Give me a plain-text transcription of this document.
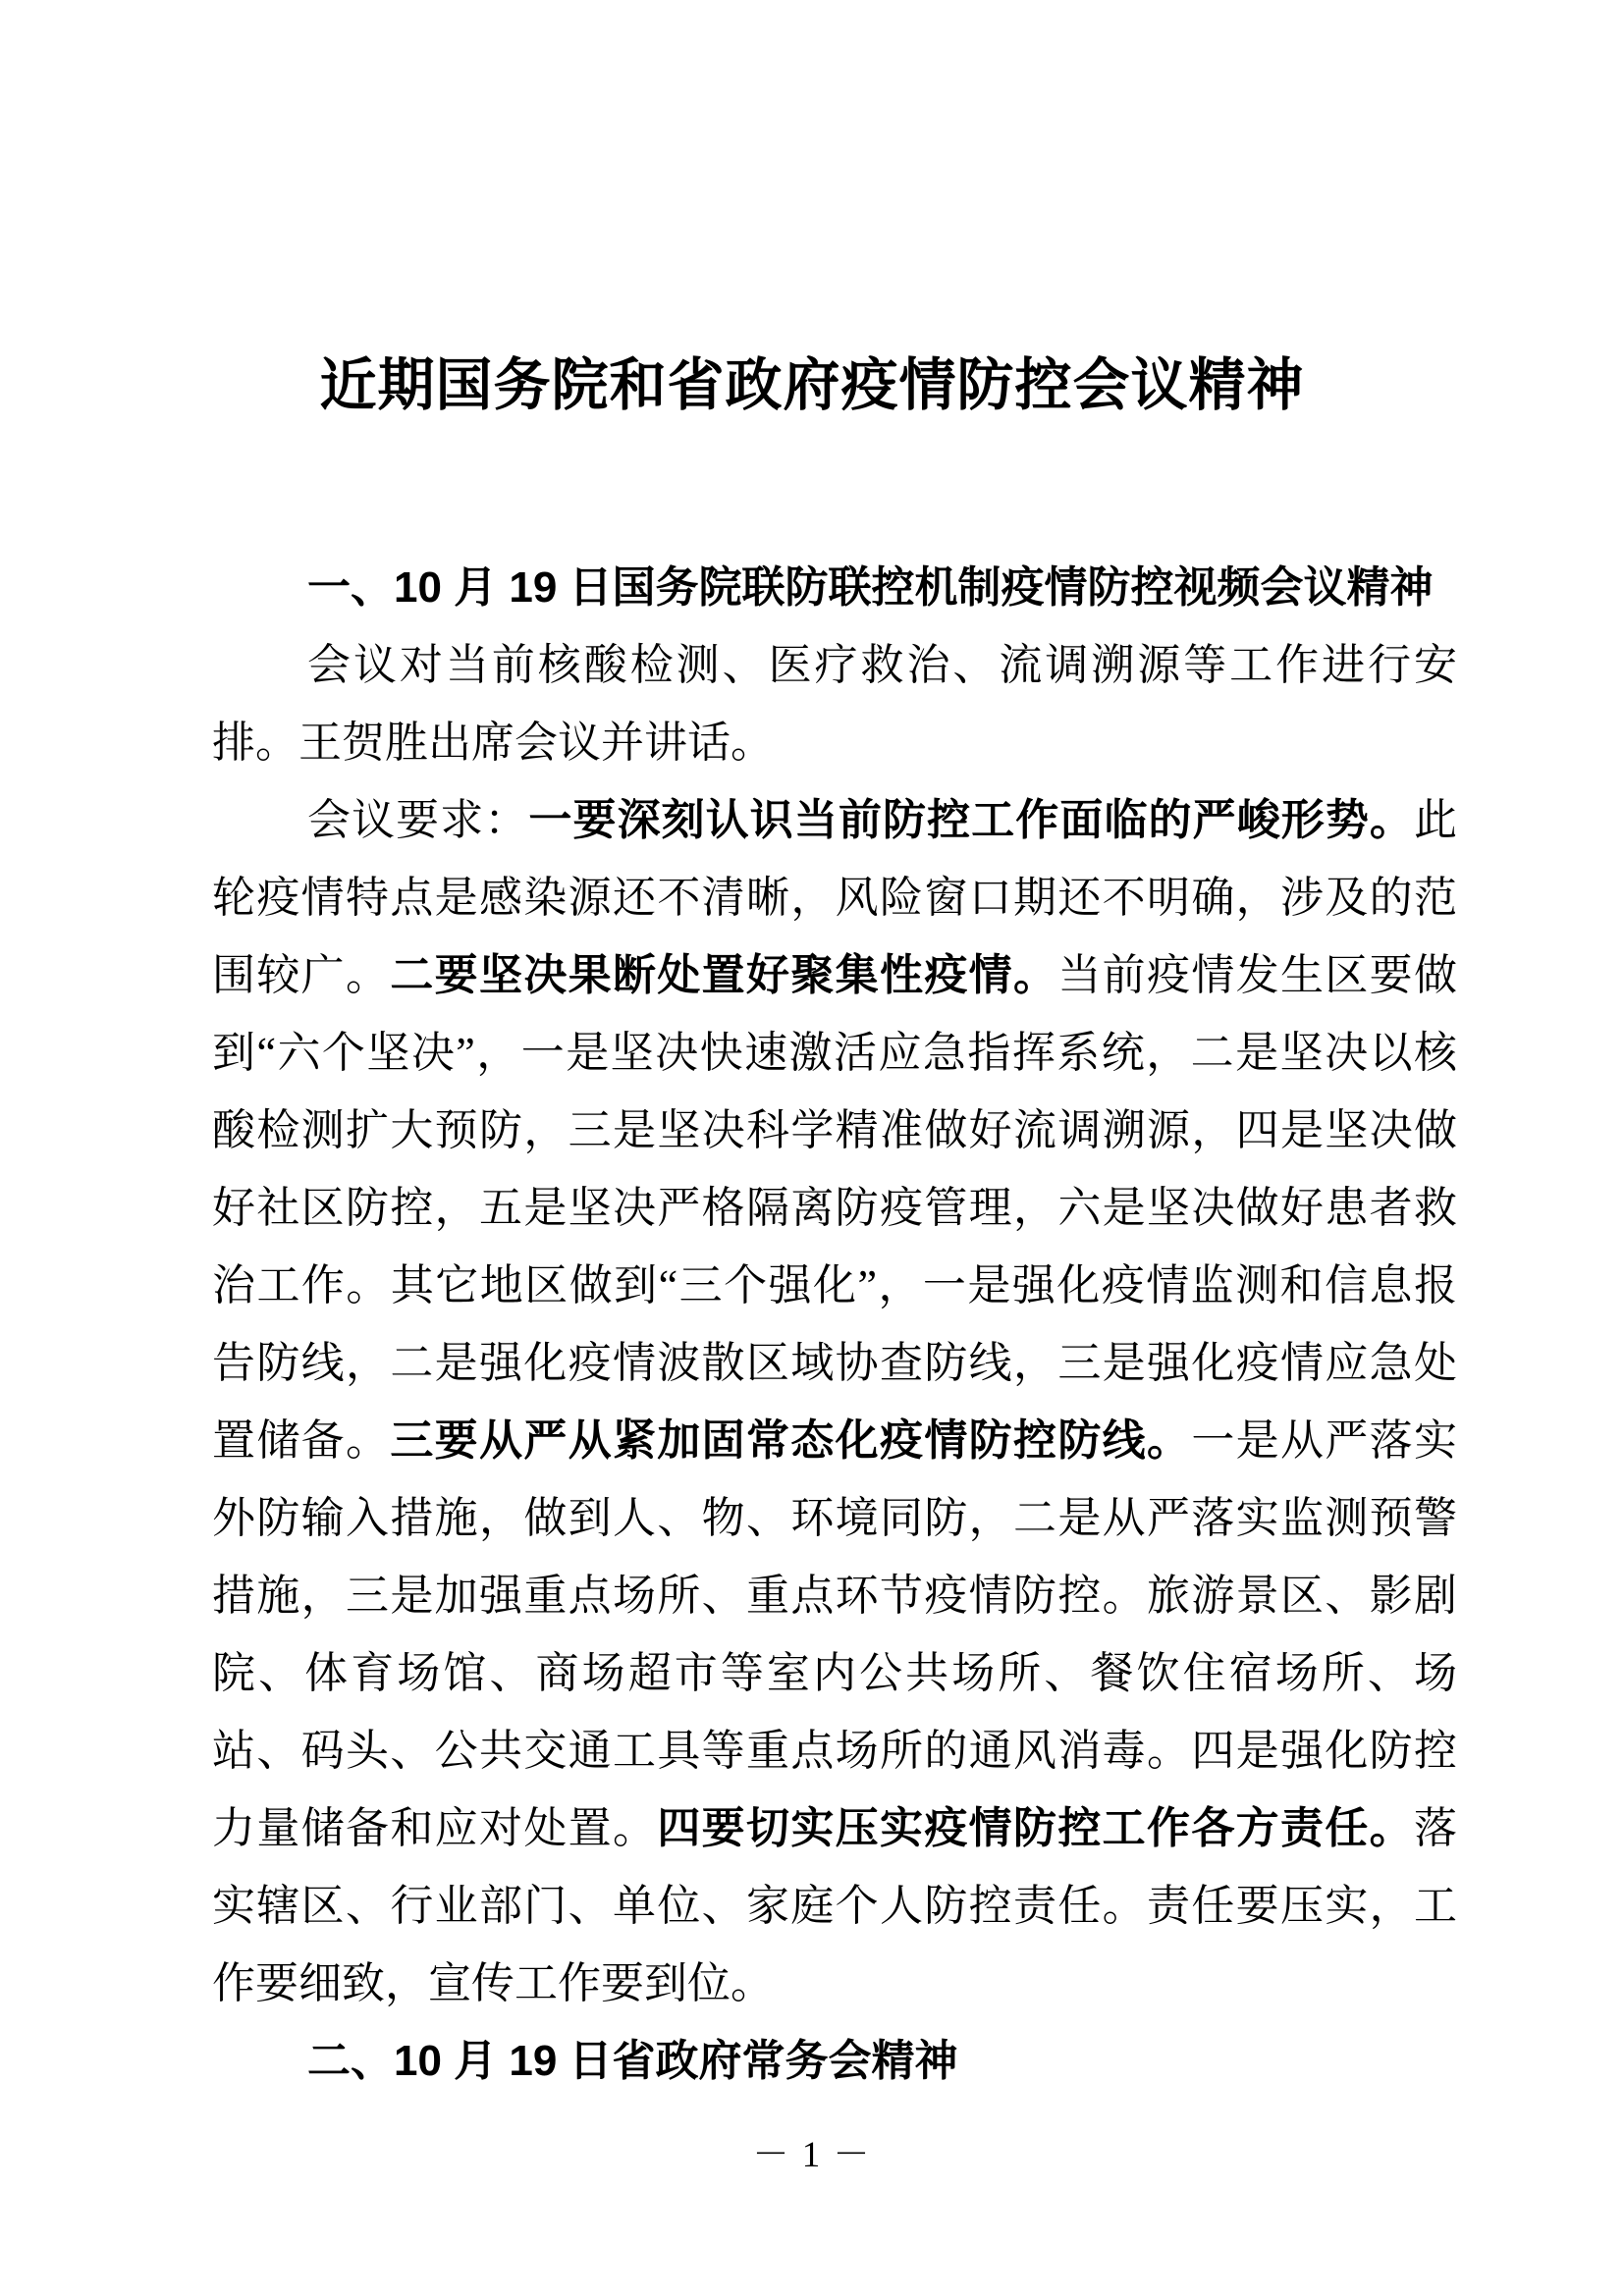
近期国务院和省政府疫情防控会议精神

一、10 月 19 日国务院联防联控机制疫情防控视频会议精神

会议对当前核酸检测、医疗救治、流调溯源等工作进行安排。王贺胜出席会议并讲话。

会议要求：一要深刻认识当前防控工作面临的严峻形势。此轮疫情特点是感染源还不清晰，风险窗口期还不明确，涉及的范围较广。二要坚决果断处置好聚集性疫情。当前疫情发生区要做到“六个坚决”，一是坚决快速激活应急指挥系统，二是坚决以核酸检测扩大预防，三是坚决科学精准做好流调溯源，四是坚决做好社区防控，五是坚决严格隔离防疫管理，六是坚决做好患者救治工作。其它地区做到“三个强化”，一是强化疫情监测和信息报告防线，二是强化疫情波散区域协查防线，三是强化疫情应急处置储备。三要从严从紧加固常态化疫情防控防线。一是从严落实外防输入措施，做到人、物、环境同防，二是从严落实监测预警措施，三是加强重点场所、重点环节疫情防控。旅游景区、影剧院、体育场馆、商场超市等室内公共场所、餐饮住宿场所、场站、码头、公共交通工具等重点场所的通风消毒。四是强化防控力量储备和应对处置。四要切实压实疫情防控工作各方责任。落实辖区、行业部门、单位、家庭个人防控责任。责任要压实，工作要细致，宣传工作要到位。

二、10 月 19 日省政府常务会精神

－ 1 －
